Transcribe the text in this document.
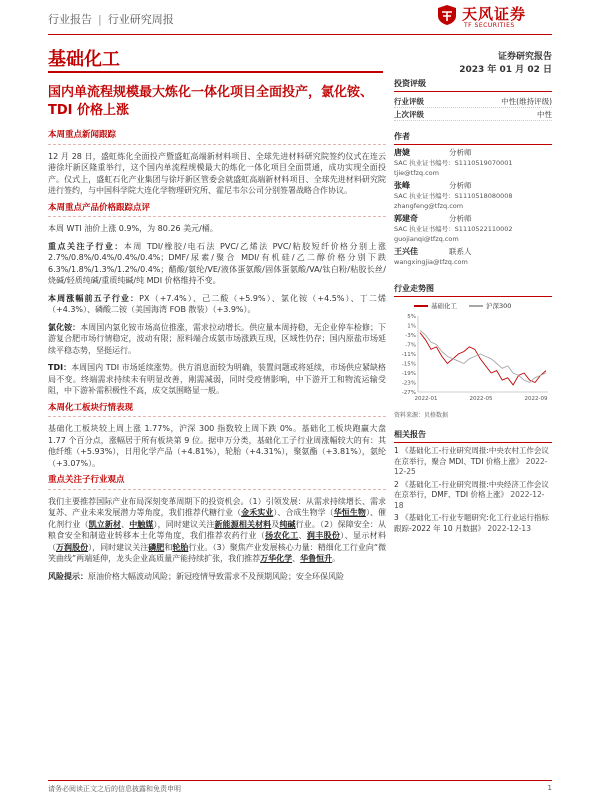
行业报告 | 行业研究周报	天风证券
TF SECURITIES
基础化工	证券研究报告
2023 年 01 月 02 日
国内单流程规模最大炼化一体化项目全面投产，氯化铵、TDI 价格上涨
本周重点新闻跟踪

12 月 28 日，盛虹炼化全面投产暨盛虹高端新材料项目、全球先进材料研究院签约仪式在连云港徐圩新区隆重举行，这个国内单流程规模最大的炼化一体化项目全面贯通，成功实现全面投产。仪式上，盛虹石化产业集团与徐圩新区管委会就盛虹高端新材料项目、全球先进材料研究院进行签约，与中国科学院大连化学物理研究所、霍尼韦尔公司分别签署战略合作协议。

本周重点产品价格跟踪点评

本周 WTI 油价上涨 0.9%，为 80.26 美元/桶。

重点关注子行业：本周 TDI/橡胶/电石法 PVC/乙烯法 PVC/粘胶短纤价格分别上涨 2.7%/0.8%/0.4%/0.4%/0.4%；DMF/尿素/聚合 MDI/有机硅/乙二醇价格分别下跌 6.3%/1.8%/1.3%/1.2%/0.4%；醋酸/氨纶/VE/液体蛋氨酸/固体蛋氨酸/VA/钛白粉/粘胶长丝/烧碱/轻质纯碱/重质纯碱/纯 MDI 价格维持不变。

本周涨幅前五子行业：PX（+7.4%）、己二酸（+5.9%）、氯化铵（+4.5%）、丁二烯（+4.3%）、磷酸二铵（美国海湾 FOB 散装）（+3.9%）。

氯化铵：本周国内氯化铵市场高位推涨，需求拉动增长。供应量本周持稳，无企业停车检修；下游复合肥市场行情稳定，波动有限；原料端合成氨市场涨跌互现，区域性仍存；国内原盐市场延续平稳态势，坚挺运行。

TDI：本周国内 TDI 市场延续涨势。供方消息面较为明确，装置问题或将延续，市场供应紧缺格局不变。终端需求持续未有明显改善，刚需减弱，同时受疫情影响，中下游开工和物流运输受阻，中下游补需积极性不高，成交氛围略显一般。

本周化工板块行情表现

基础化工板块较上周上涨 1.77%，沪深 300 指数较上周下跌 0%。基础化工板块跑赢大盘 1.77 个百分点，涨幅居于所有板块第 9 位。据申万分类，基础化工子行业周涨幅较大的有：其他纤维（+5.93%），日用化学产品（+4.81%），轮胎（+4.31%），聚氨酯（+3.81%），氨纶（+3.07%）。

重点关注子行业观点

我们主要推荐国际产业布局深刻变革周期下的投资机会。（1）引领发展：从需求持续增长、需求复苏、产业未来发展潜力等角度，我们推荐代糖行业（金禾实业）、合成生物学（华恒生物）、催化剂行业（凯立新材、中触媒），同时建议关注新能源相关材料及纯碱行业。（2）保障安全：从粮食安全和制造业转移本土化等角度，我们推荐农药行业（扬农化工、润丰股份）、显示材料（万润股份），同时建议关注磷肥和轮胎行业。（3）聚焦产业发展核心力量：精细化工行业向“微笑曲线”两端延伸，龙头企业高质量产能持续扩张，我们推荐万华化学、华鲁恒升。

风险提示：原油价格大幅波动风险；新冠疫情导致需求不及预期风险；安全环保风险

投资评级
行业评级	中性(维持评级)
上次评级	中性
作者
唐婕	分析师
SAC 执业证书编号：S1110519070001
tjie@tfzq.com
张峰	分析师
SAC 执业证书编号：S1110518080008
zhangfeng@tfzq.com
郭建奇	分析师
SAC 执业证书编号：S1110522110002
guojianqi@tfzq.com
王兴佳	联系人
wangxingjia@tfzq.com
行业走势图
基础化工	沪深300
5%
1%
-3%
-7%
-11%
-15%
-19%
-23%
-27%
2022-01	2022-05	2022-09
资料来源：贝格数据
相关报告
1 《基础化工-行业研究周报:中央农村工作会议在京举行，聚合 MDI、TDI 价格上涨》 2022-12-25
2 《基础化工-行业研究周报:中央经济工作会议在京举行，DMF、TDI 价格上涨》 2022-12-18
3 《基础化工-行业专题研究:化工行业运行指标跟踪-2022 年 10 月数据》 2022-12-13
请务必阅读正文之后的信息披露和免责申明	1
